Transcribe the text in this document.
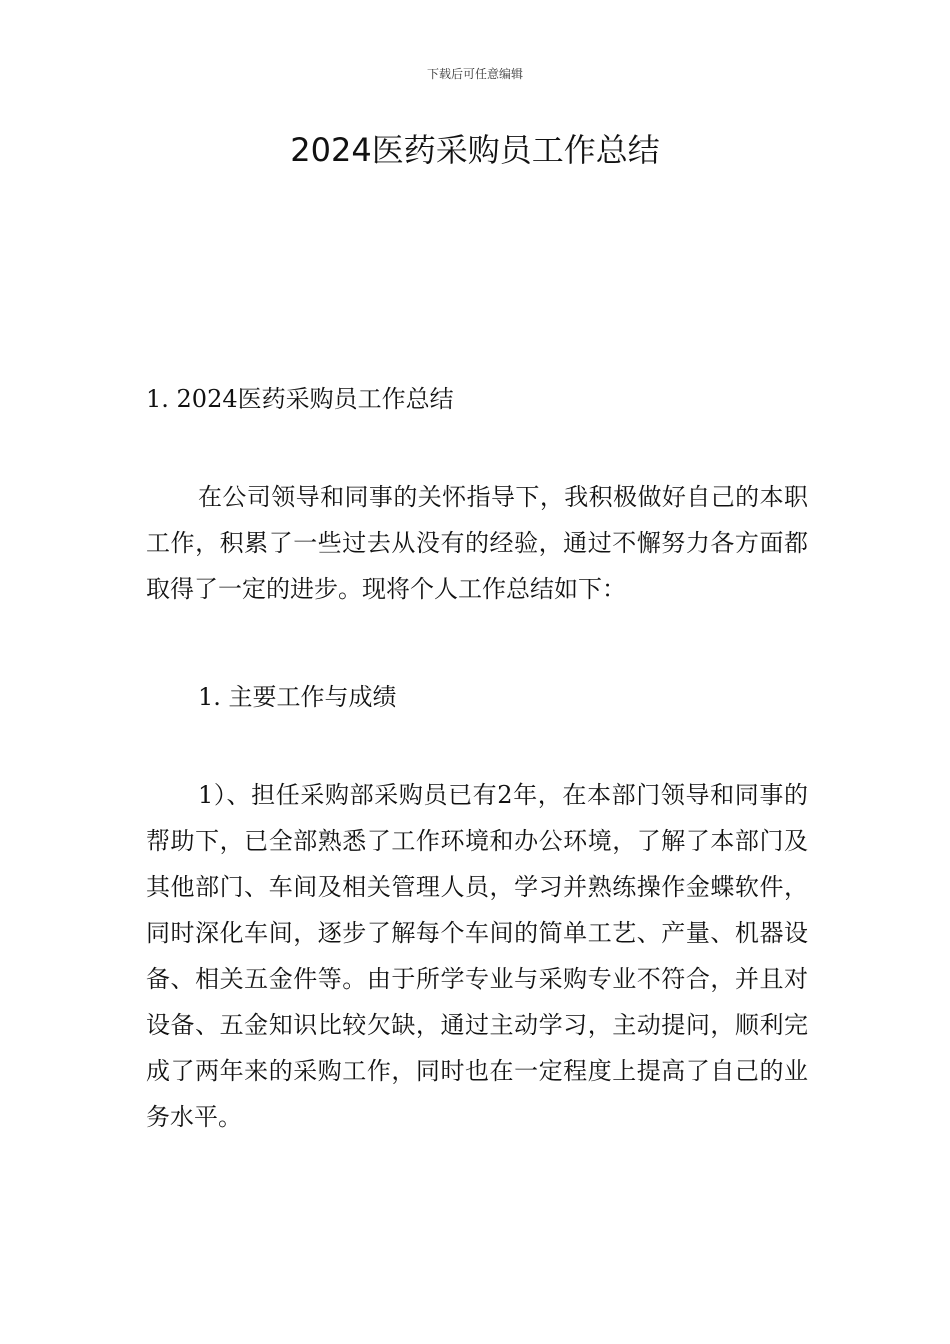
下载后可任意编辑
2024医药采购员工作总结

1. 2024医药采购员工作总结

在公司领导和同事的关怀指导下，我积极做好自己的本职工作，积累了一些过去从没有的经验，通过不懈努力各方面都取得了一定的进步。现将个人工作总结如下：

1. 主要工作与成绩

1）、担任采购部采购员已有2年，在本部门领导和同事的帮助下，已全部熟悉了工作环境和办公环境，了解了本部门及其他部门、车间及相关管理人员，学习并熟练操作金蝶软件，同时深化车间，逐步了解每个车间的简单工艺、产量、机器设备、相关五金件等。由于所学专业与采购专业不符合，并且对设备、五金知识比较欠缺，通过主动学习，主动提问，顺利完成了两年来的采购工作，同时也在一定程度上提高了自己的业务水平。
